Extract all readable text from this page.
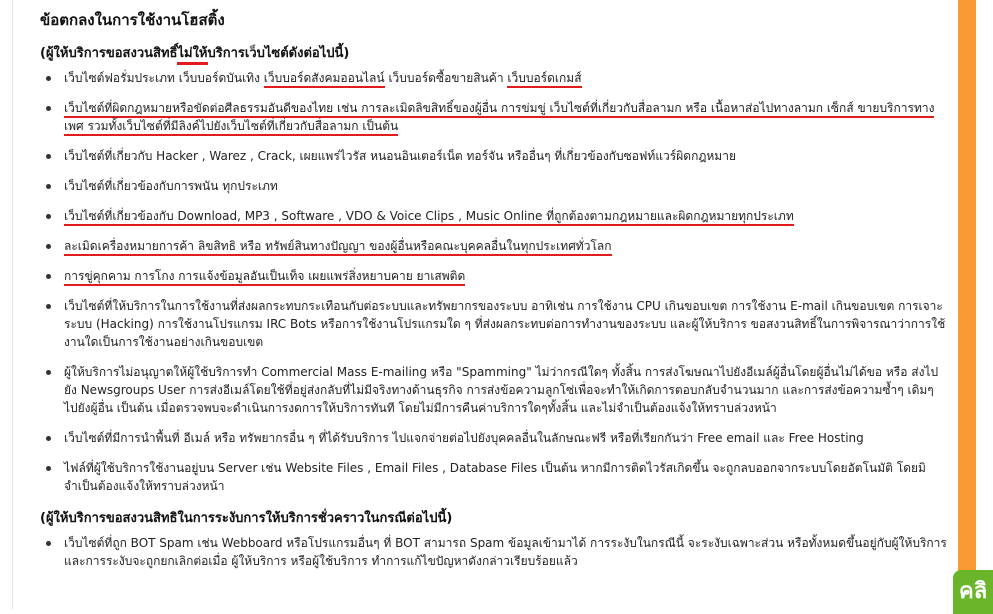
ข้อตกลงในการใช้งานโฮสติ้ง
(ผู้ให้บริการขอสงวนสิทธิ์ไม่ให้บริการเว็บไซต์ดังต่อไปนี้)
เว็บไซต์ฟอรั่มประเภท เว็บบอร์ดบันเทิง เว็บบอร์ดสังคมออนไลน์ เว็บบอร์ดซื้อขายสินค้า เว็บบอร์ดเกมส์
เว็บไซต์ที่ผิดกฎหมายหรือขัดต่อศีลธรรมอันดีของไทย เช่น การละเมิดลิขสิทธิ์ของผู้อื่น การข่มขู่ เว็บไซต์ที่เกี่ยวกับสื่อลามก หรือ เนื้อหาส่อไปทางลามก เซ็กส์ ขายบริการทางเพศ รวมทั้งเว็บไซต์ที่มีลิงค์ไปยังเว็บไซต์ที่เกี่ยวกับสื่อลามก เป็นต้น
เว็บไซต์ที่เกี่ยวกับ Hacker , Warez , Crack, เผยแพร่ไวรัส หนอนอินเตอร์เน็ต ทอร์จัน หรืออื่นๆ ที่เกี่ยวข้องกับซอฟท์แวร์ผิดกฎหมาย
เว็บไซต์ที่เกี่ยวข้องกับการพนัน ทุกประเภท
เว็บไซต์ที่เกี่ยวข้องกับ Download, MP3 , Software , VDO & Voice Clips , Music Online ที่ถูกต้องตามกฎหมายและผิดกฎหมายทุกประเภท
ละเมิดเครื่องหมายการค้า ลิขสิทธิ หรือ ทรัพย์สินทางปัญญา ของผู้อื่นหรือคณะบุคคลอื่นในทุกประเทศทั่วโลก
การขู่คุกคาม การโกง การแจ้งข้อมูลอันเป็นเท็จ เผยแพร่สิ่งหยาบคาย ยาเสพติด
เว็บไซต์ที่ให้บริการในการใช้งานที่ส่งผลกระทบกระเทือนกับต่อระบบและทรัพยากรของระบบ อาทิเช่น การใช้งาน CPU เกินขอบเขต การใช้งาน E-mail เกินขอบเขต การเจาะระบบ (Hacking) การใช้งานโปรแกรม IRC Bots หรือการใช้งานโปรแกรมใด ๆ ที่ส่งผลกระทบต่อการทำงานของระบบ และผู้ให้บริการ ขอสงวนสิทธิ์ในการพิจารณาว่าการใช้งานใดเป็นการใช้งานอย่างเกินขอบเขต
ผู้ให้บริการไม่อนุญาตให้ผู้ใช้บริการทำ Commercial Mass E-mailing หรือ "Spamming" ไม่ว่ากรณีใดๆ ทั้งสิ้น การส่งโฆษณาไปยังอีเมล์ผู้อื่นโดยผู้อื่นไม่ได้ขอ หรือ ส่งไปยัง Newsgroups User การส่งอีเมล์โดยใช้ที่อยู่ส่งกลับที่ไม่มีจริงทางด้านธุรกิจ การส่งข้อความลูกโซ่เพื่อจะทำให้เกิดการตอบกลับจำนวนมาก และการส่งข้อความซ้ำๆ เดิมๆ ไปยังผู้อื่น เป็นต้น เมื่อตรวจพบจะดำเนินการงดการให้บริการทันที โดยไม่มีการคืนค่าบริการใดๆทั้งสิ้น และไม่จำเป็นต้องแจ้งให้ทราบล่วงหน้า
เว็บไซต์ที่มีการนำพื้นที่ อีเมล์ หรือ ทรัพยากรอื่น ๆ ที่ได้รับบริการ ไปแจกจ่ายต่อไปยังบุคคลอื่นในลักษณะฟรี หรือที่เรียกกันว่า Free email และ Free Hosting
ไฟล์ที่ผู้ใช้บริการใช้งานอยู่บน Server เช่น Website Files , Email Files , Database Files เป็นต้น หากมีการติดไวรัสเกิดขึ้น จะถูกลบออกจากระบบโดยอัตโนมัติ โดยมิจำเป็นต้องแจ้งให้ทราบล่วงหน้า
(ผู้ให้บริการขอสงวนสิทธิในการระงับการให้บริการชั่วคราวในกรณีต่อไปนี้)
เว็บไซต์ที่ถูก BOT Spam เช่น Webboard หรือโปรแกรมอื่นๆ ที่ BOT สามารถ Spam ข้อมูลเข้ามาได้ การระงับในกรณีนี้ จะระงับเฉพาะส่วน หรือทั้งหมดขึ้นอยู่กับผู้ให้บริการ และการระงับจะถูกยกเลิกต่อเมื่อ ผู้ให้บริการ หรือผู้ใช้บริการ ทำการแก้ไขปัญหาดังกล่าวเรียบร้อยแล้ว
คลิ
